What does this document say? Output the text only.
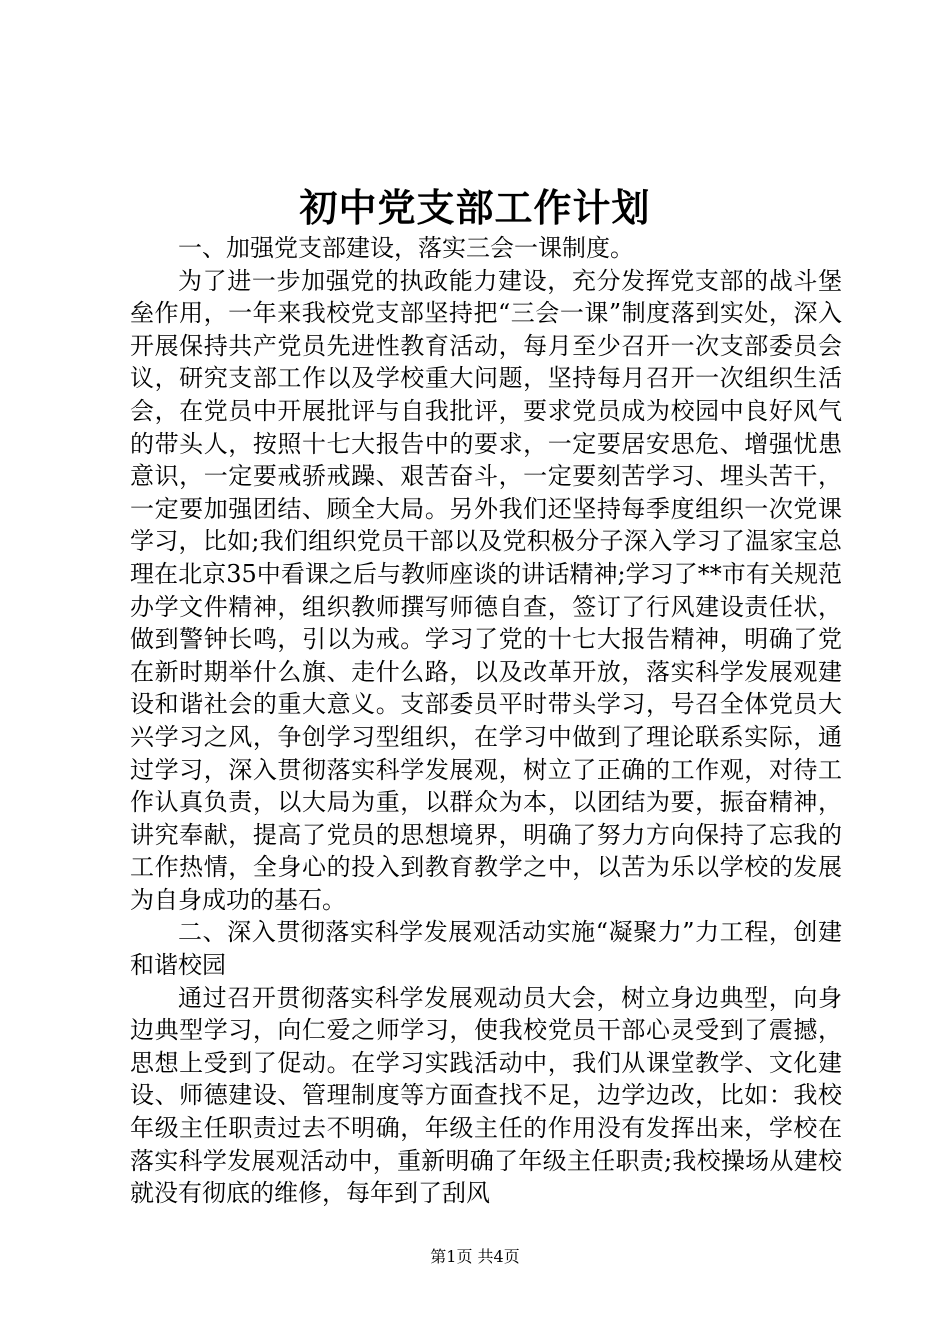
初中党支部工作计划

一、加强党支部建设，落实三会一课制度。

为了进一步加强党的执政能力建设，充分发挥党支部的战斗堡垒作用，一年来我校党支部坚持把“三会一课”制度落到实处，深入开展保持共产党员先进性教育活动，每月至少召开一次支部委员会议，研究支部工作以及学校重大问题，坚持每月召开一次组织生活会，在党员中开展批评与自我批评，要求党员成为校园中良好风气的带头人，按照十七大报告中的要求，一定要居安思危、增强忧患意识，一定要戒骄戒躁、艰苦奋斗，一定要刻苦学习、埋头苦干，一定要加强团结、顾全大局。另外我们还坚持每季度组织一次党课学习，比如;我们组织党员干部以及党积极分子深入学习了温家宝总理在北京35中看课之后与教师座谈的讲话精神;学习了**市有关规范办学文件精神，组织教师撰写师德自查，签订了行风建设责任状，做到警钟长鸣，引以为戒。学习了党的十七大报告精神，明确了党在新时期举什么旗、走什么路，以及改革开放，落实科学发展观建设和谐社会的重大意义。支部委员平时带头学习，号召全体党员大兴学习之风，争创学习型组织，在学习中做到了理论联系实际，通过学习，深入贯彻落实科学发展观，树立了正确的工作观，对待工作认真负责，以大局为重，以群众为本，以团结为要，振奋精神，讲究奉献，提高了党员的思想境界，明确了努力方向保持了忘我的工作热情，全身心的投入到教育教学之中，以苦为乐以学校的发展为自身成功的基石。

二、深入贯彻落实科学发展观活动实施“凝聚力”力工程，创建和谐校园

通过召开贯彻落实科学发展观动员大会，树立身边典型，向身边典型学习，向仁爱之师学习，使我校党员干部心灵受到了震撼，思想上受到了促动。在学习实践活动中，我们从课堂教学、文化建设、师德建设、管理制度等方面查找不足，边学边改，比如：我校年级主任职责过去不明确，年级主任的作用没有发挥出来，学校在落实科学发展观活动中，重新明确了年级主任职责;我校操场从建校就没有彻底的维修，每年到了刮风

第1页 共4页
